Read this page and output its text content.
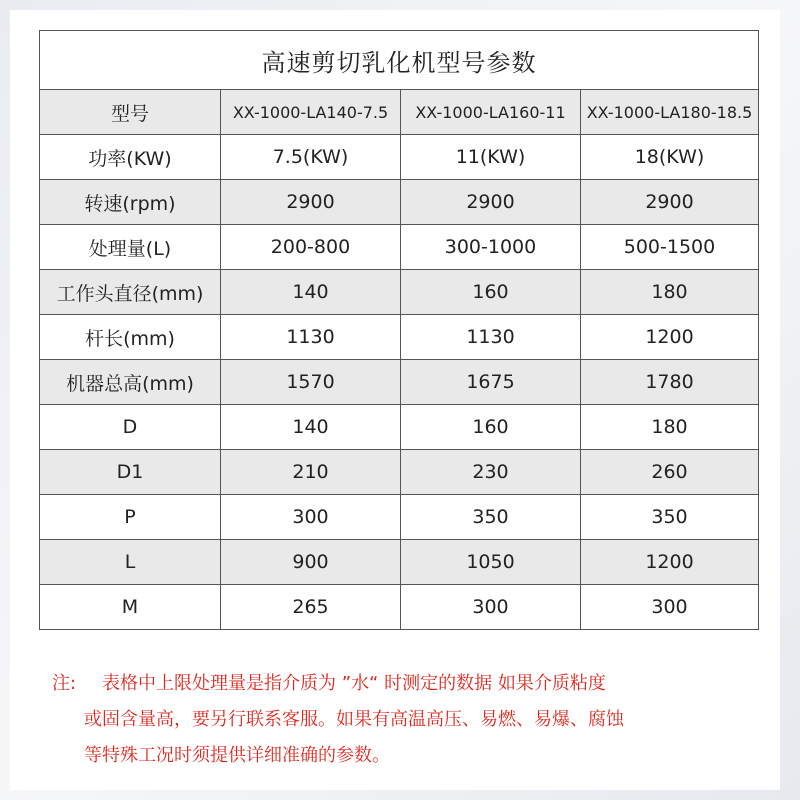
高速剪切乳化机型号参数			
型号	XX-1000-LA140-7.5	XX-1000-LA160-11	XX-1000-LA180-18.5
功率(KW)	7.5(KW)	11(KW)	18(KW)
转速(rpm)	2900	2900	2900
处理量(L)	200-800	300-1000	500-1500
工作头直径(mm)	140	160	180
杆长(mm)	1130	1130	1200
机器总高(mm)	1570	1675	1780
D	140	160	180
D1	210	230	260
P	300	350	350
L	900	1050	1200
M	265	300	300
注: 表格中上限处理量是指介质为 ”水“ 时测定的数据 如果介质粘度
或固含量高，要另行联系客服。如果有高温高压、易燃、易爆、腐蚀
等特殊工况时须提供详细准确的参数。
